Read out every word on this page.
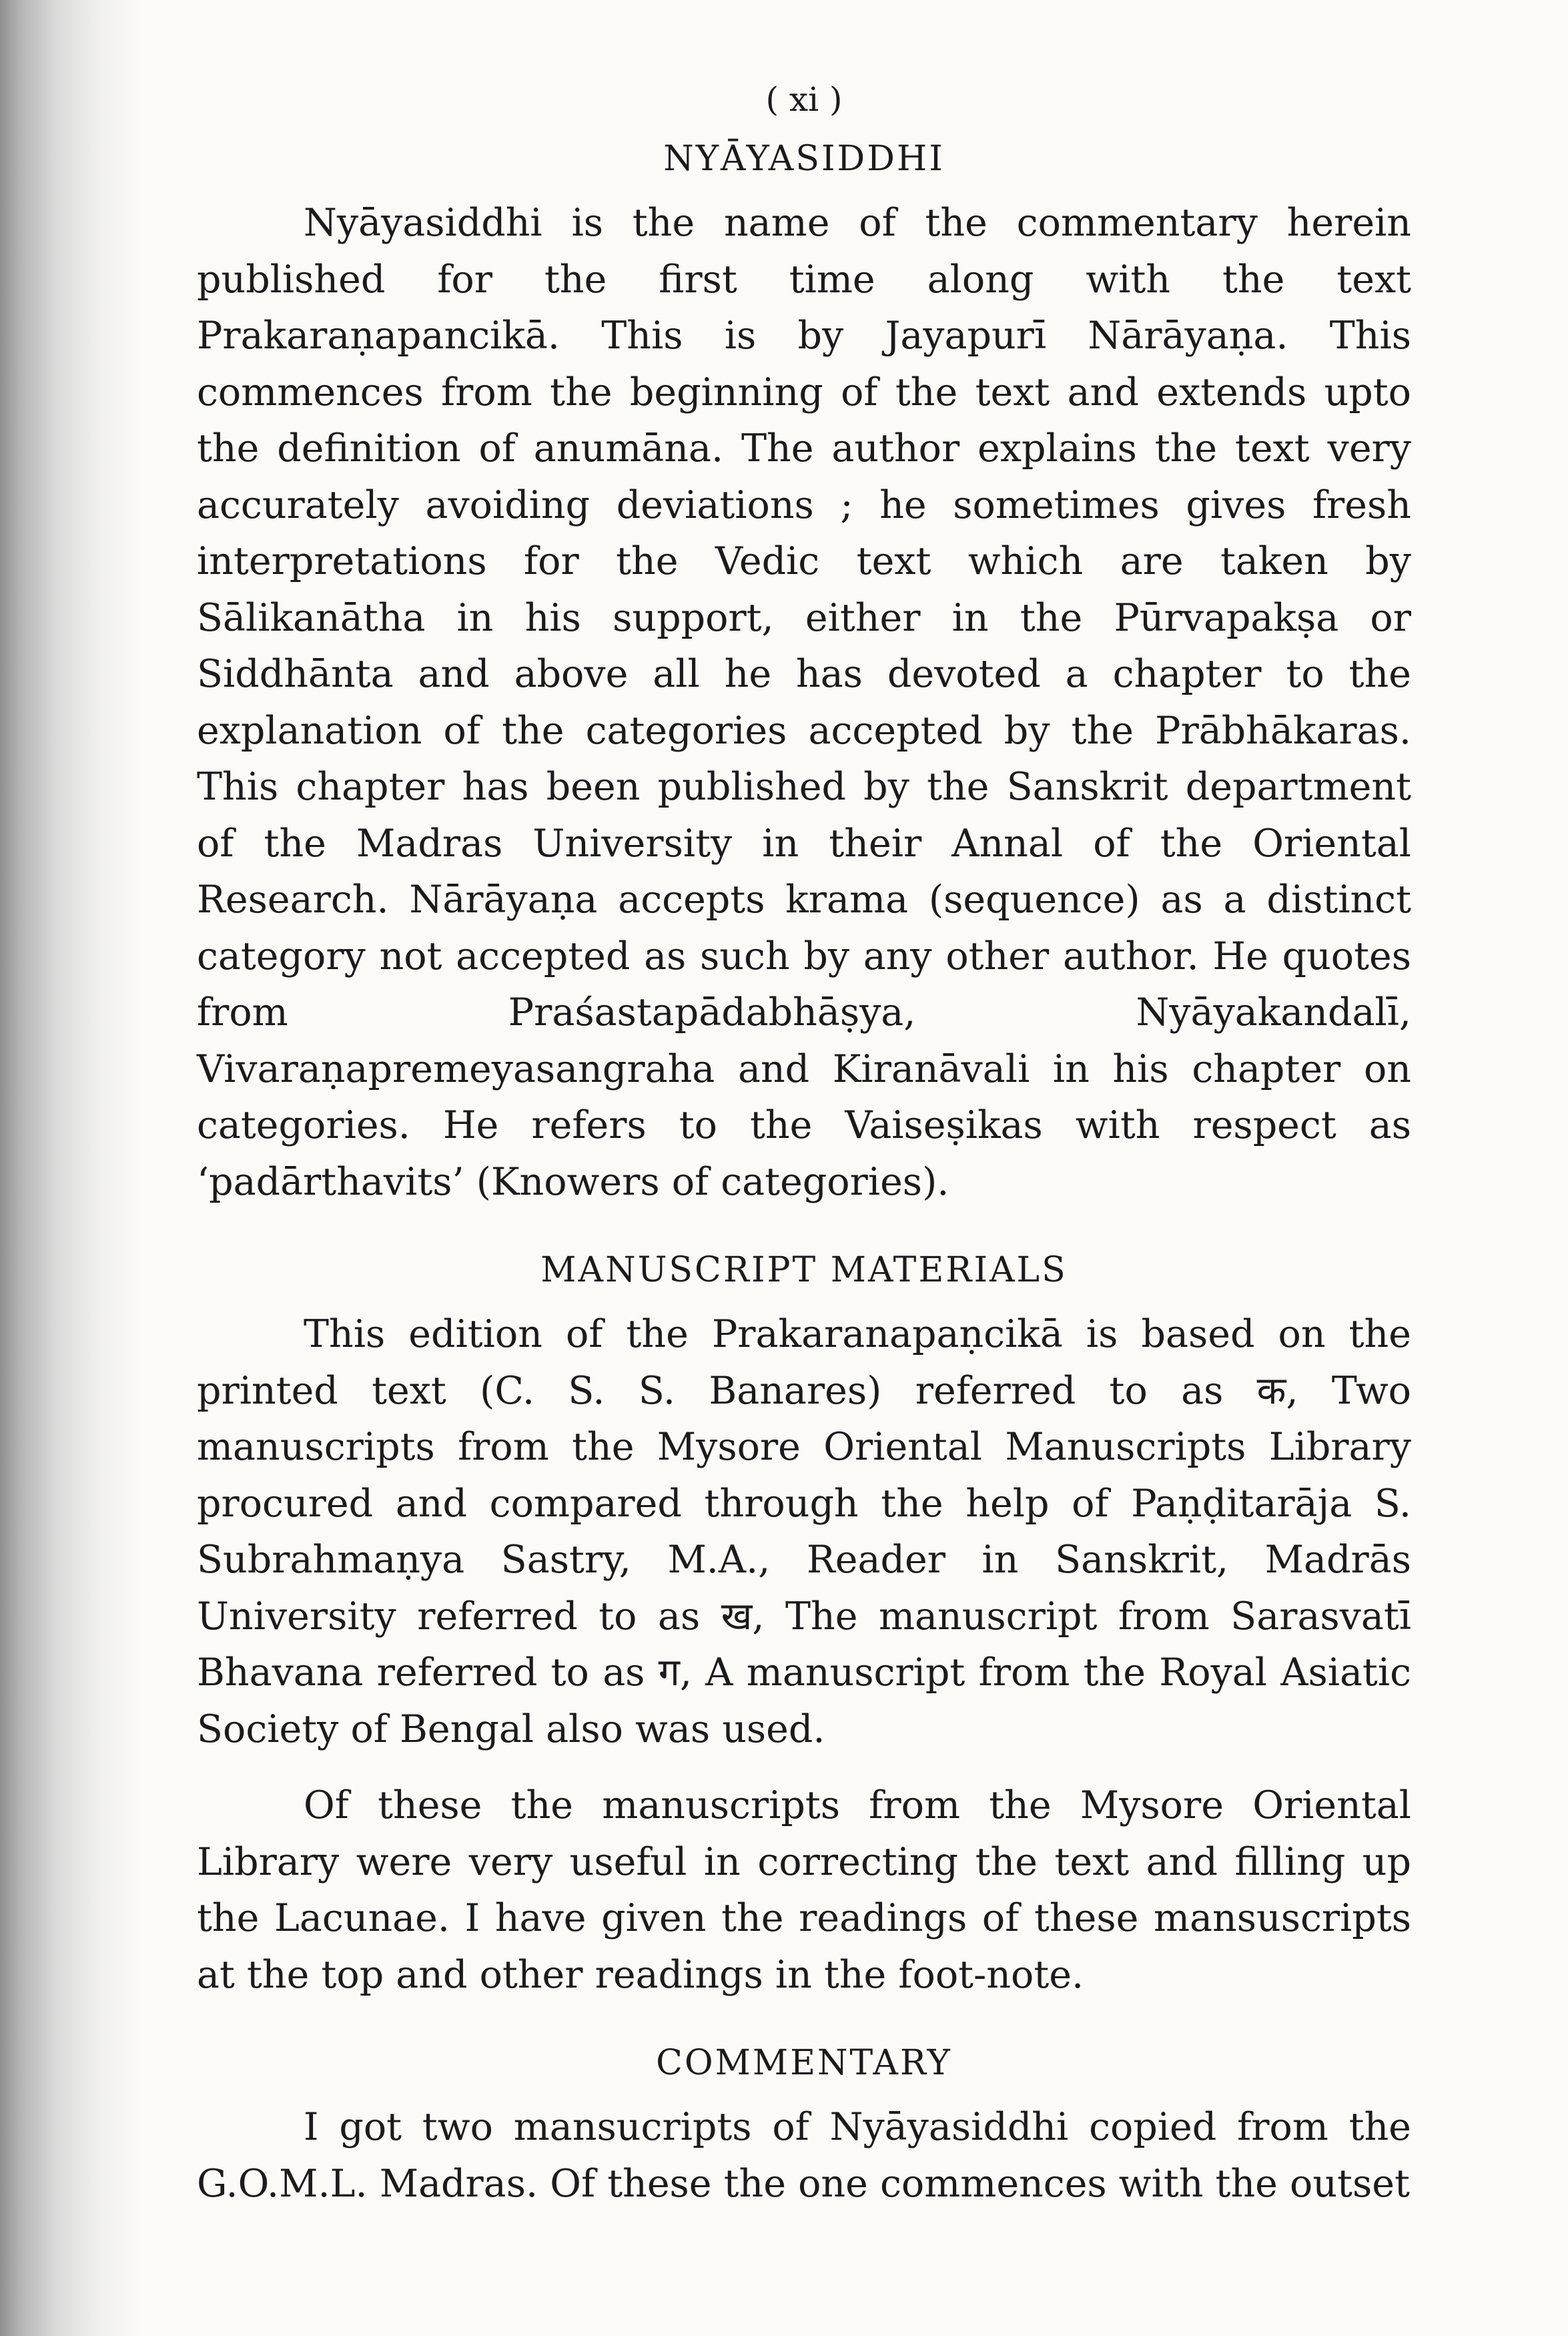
( xi )
NYĀYASIDDHI

Nyāyasiddhi is the name of the commentary herein published for the first time along with the text Prakaraṇapancikā. This is by Jayapurī Nārāyaṇa. This commences from the beginning of the text and extends upto the definition of anumāna. The author explains the text very accurately avoiding deviations ; he sometimes gives fresh interpretations for the Vedic text which are taken by Sālikanātha in his support, either in the Pūrvapakṣa or Siddhānta and above all he has devoted a chapter to the explanation of the categories accepted by the Prābhākaras. This chapter has been published by the Sanskrit department of the Madras University in their Annal of the Oriental Research. Nārāyaṇa accepts krama (sequence) as a distinct category not accepted as such by any other author. He quotes from Praśastapādabhāṣya, Nyāyakandalī, Vivaraṇapremeyasangraha and Kiranāvali in his chapter on categories. He refers to the Vaiseṣikas with respect as ‘padārthavits’ (Knowers of categories).

MANUSCRIPT MATERIALS

This edition of the Prakaranapaṇcikā is based on the printed text (C. S. S. Banares) referred to as क, Two manuscripts from the Mysore Oriental Manuscripts Library procured and compared through the help of Paṇḍitarāja S. Subrahmaṇya Sastry, M.A., Reader in Sanskrit, Madrās University referred to as ख, The manuscript from Sarasvatī Bhavana referred to as ग, A manuscript from the Royal Asiatic Society of Bengal also was used.

Of these the manuscripts from the Mysore Oriental Library were very useful in correcting the text and filling up the Lacunae. I have given the readings of these mansuscripts at the top and other readings in the foot-note.

COMMENTARY

I got two mansucripts of Nyāyasiddhi copied from the G.O.M.L. Madras. Of these the one commences with the outset
